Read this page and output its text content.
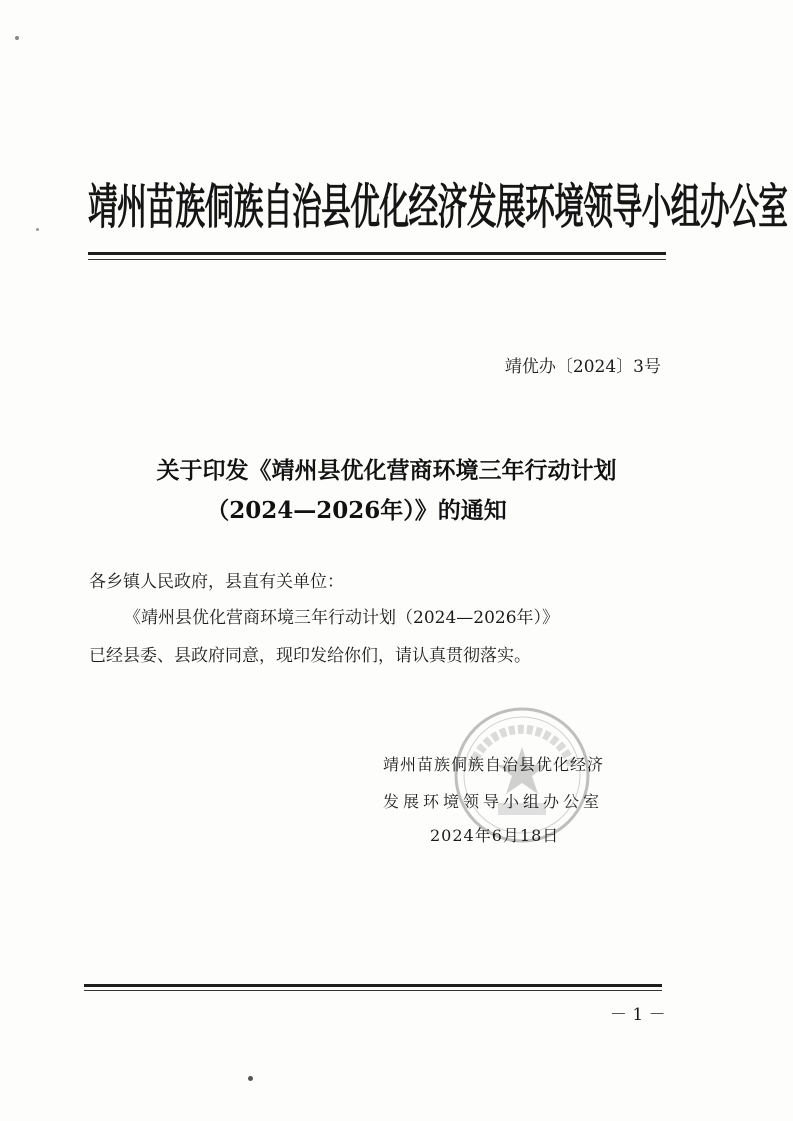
靖州苗族侗族自治县优化经济发展环境领导小组办公室
靖优办〔2024〕3号
关于印发《靖州县优化营商环境三年行动计划
（2024—2026年）》的通知
各乡镇人民政府，县直有关单位：
《靖州县优化营商环境三年行动计划（2024—2026年）》
已经县委、县政府同意，现印发给你们，请认真贯彻落实。
靖州苗族侗族自治县优化经济
发展环境领导小组办公室
2024年6月18日
－ 1 －
